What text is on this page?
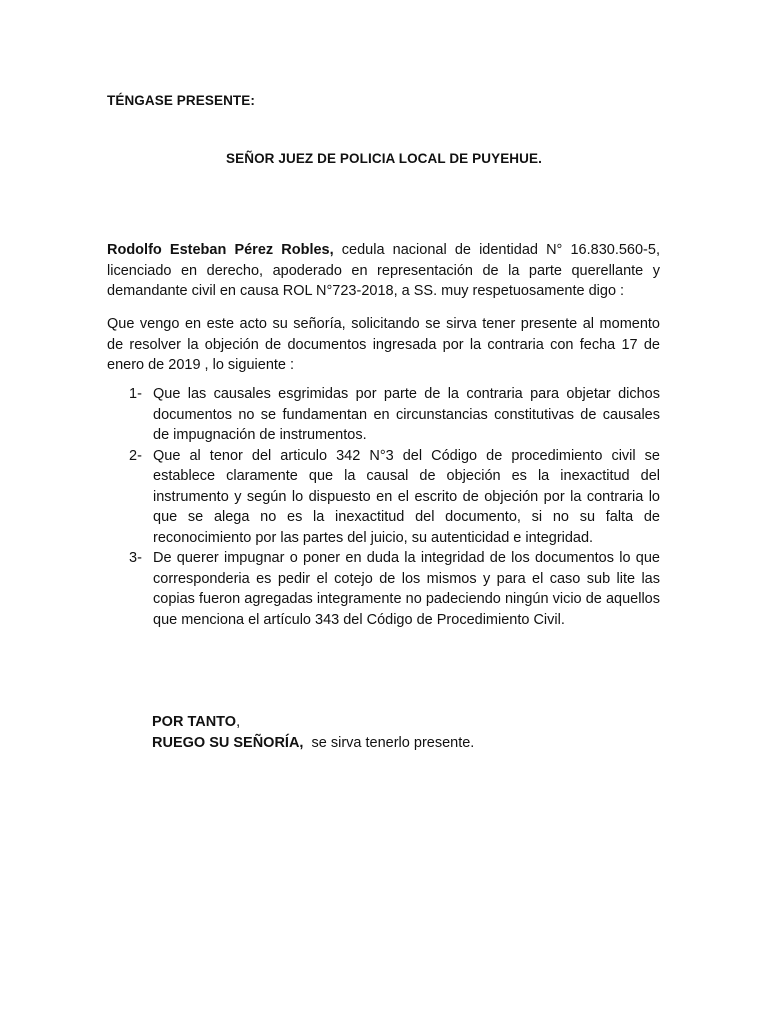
TÉNGASE PRESENTE:
SEÑOR JUEZ DE POLICIA LOCAL DE PUYEHUE.
Rodolfo Esteban Pérez Robles, cedula nacional de identidad N° 16.830.560-5, licenciado en derecho, apoderado en representación de la parte querellante y demandante civil en causa ROL N°723-2018, a SS. muy respetuosamente digo :
Que vengo en este acto su señoría, solicitando se sirva tener presente al momento de resolver la objeción de documentos ingresada por la contraria con fecha 17 de enero de 2019 , lo siguiente :
1- Que las causales esgrimidas por parte de la contraria para objetar dichos documentos no se fundamentan en circunstancias constitutivas de causales de impugnación de instrumentos.
2- Que al tenor del articulo 342 N°3 del Código de procedimiento civil se establece claramente que la causal de objeción es la inexactitud del instrumento y según lo dispuesto en el escrito de objeción por la contraria lo que se alega no es la inexactitud del documento, si no su falta de reconocimiento por las partes del juicio, su autenticidad e integridad.
3- De querer impugnar o poner en duda la integridad de los documentos lo que corresponderia es pedir el cotejo de los mismos y para el caso sub lite las copias fueron agregadas integramente no padeciendo ningún vicio de aquellos que menciona el artículo 343 del Código de Procedimiento Civil.
POR TANTO,
RUEGO SU SEÑORÍA,  se sirva tenerlo presente.
